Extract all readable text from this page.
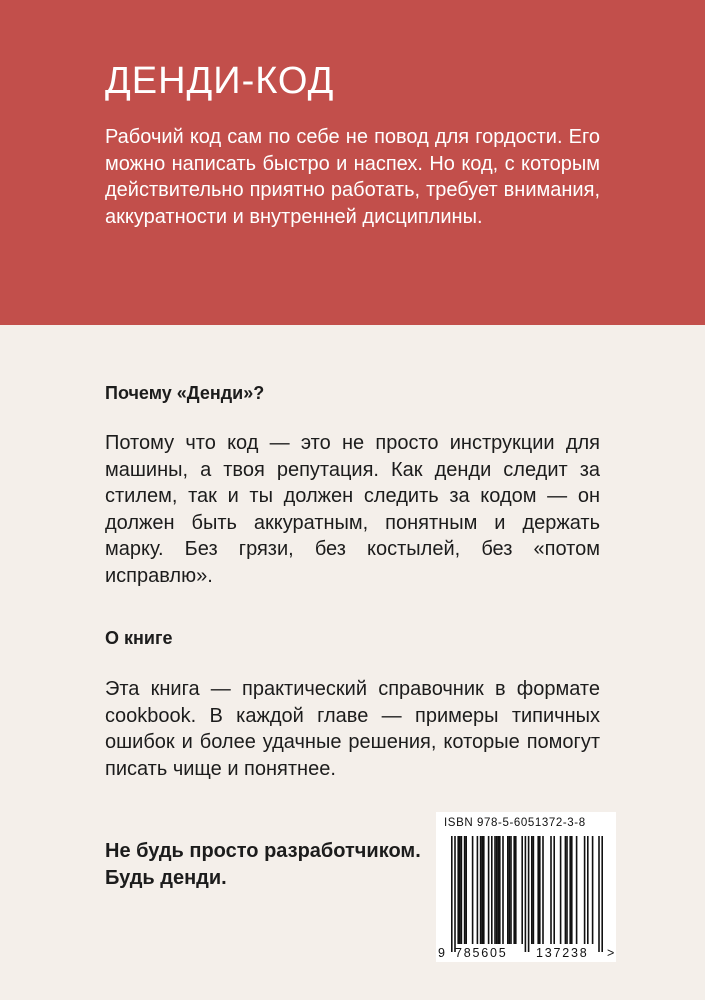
ДЕНДИ-КОД

Рабочий код сам по себе не повод для гордости. Его можно написать быстро и наспех. Но код, с которым действительно приятно работать, требует внимания, аккуратности и внутренней дисциплины.

Почему «Денди»?

Потому что код — это не просто инструкции для машины, а твоя репутация. Как денди следит за стилем, так и ты должен следить за кодом — он должен быть аккуратным, понятным и держать марку. Без грязи, без костылей, без «потом исправлю».

О книге

Эта книга — практический справочник в формате cookbook. В каждой главе — примеры типичных ошибок и более удачные решения, которые помогут писать чище и понятнее.

Не будь просто разработчиком.
Будь денди.
ISBN 978-5-6051372-3-8
9 785605 137238 >
